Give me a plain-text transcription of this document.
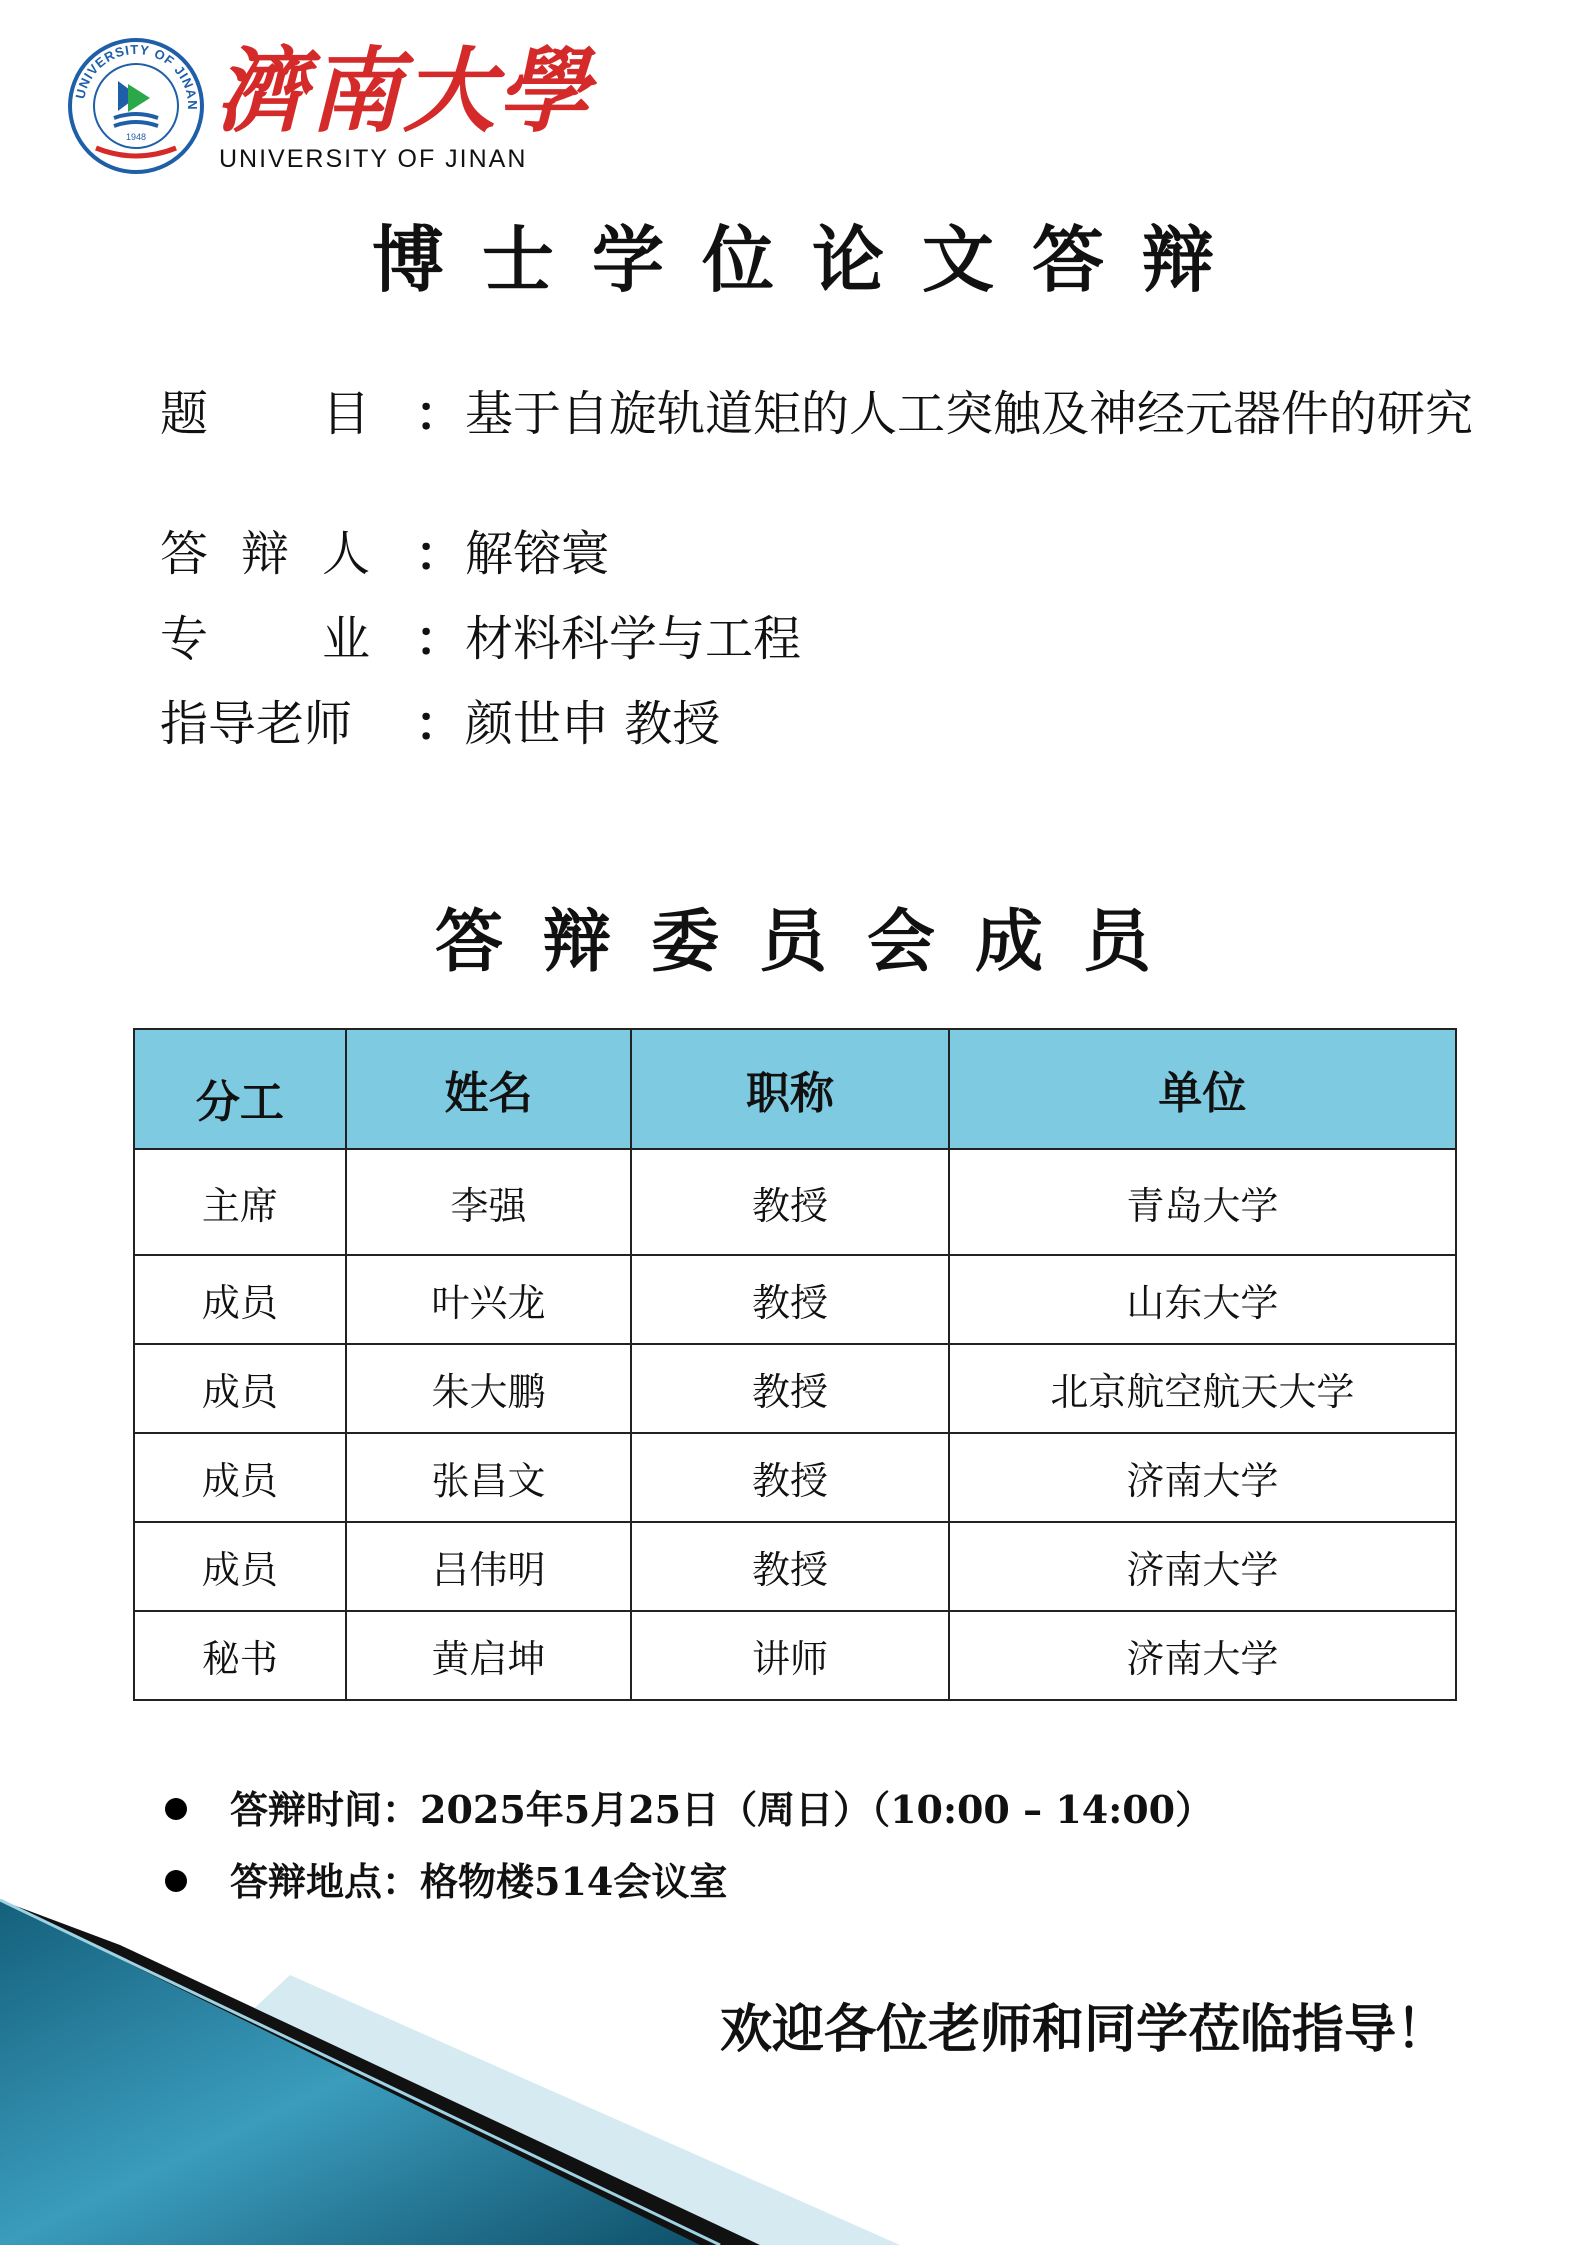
UNIVERSITY OF JINAN
1948 濟南大學
UNIVERSITY OF JINAN
博士学位论文答辩
题 目 ： 基于自旋轨道矩的人工突触及神经元器件的研究
答 辩 人 ： 解镕寰
专 业 ： 材料科学与工程
指导老师	： 颜世申 教授
答辩委员会成员
分工	姓名	职称	单位
主席	李强	教授	青岛大学
成员	叶兴龙	教授	山东大学
成员	朱大鹏	教授	北京航空航天大学
成员	张昌文	教授	济南大学
成员	吕伟明	教授	济南大学
秘书	黄启坤	讲师	济南大学
答辩时间：2025年5月25日（周日）（10:00 – 14:00）
答辩地点：格物楼514会议室
欢迎各位老师和同学莅临指导！
